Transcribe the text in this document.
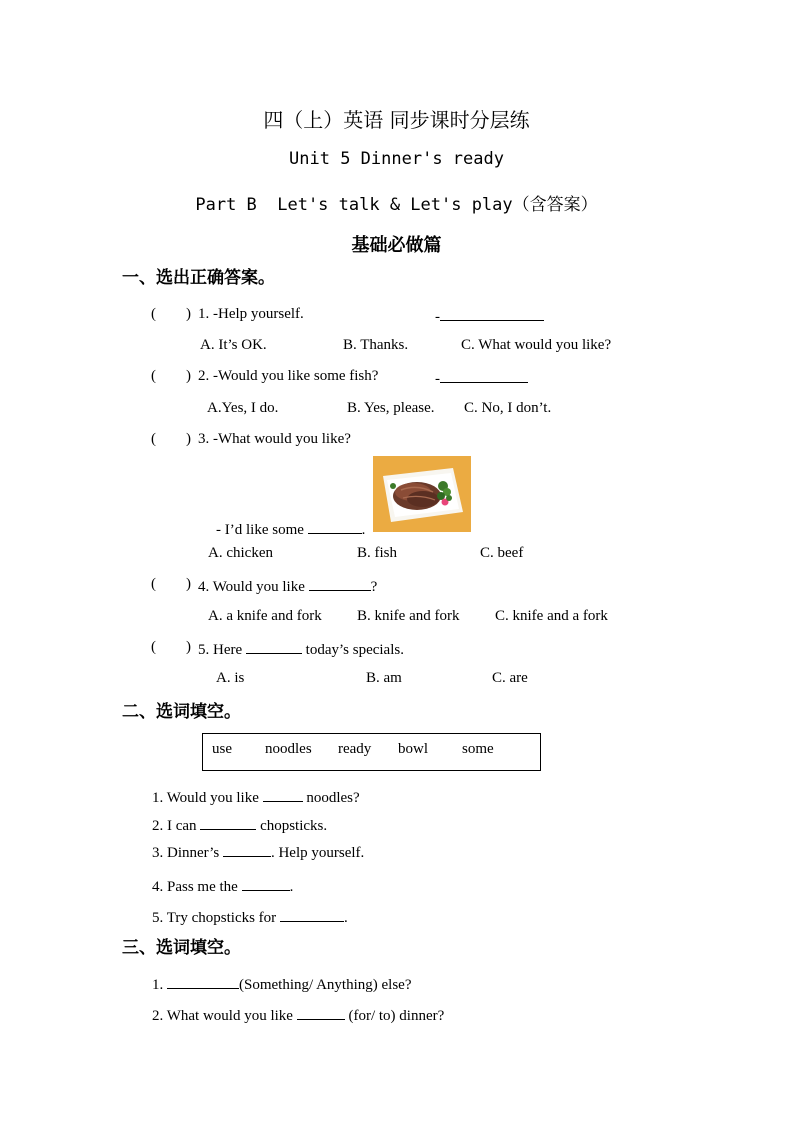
四（上）英语 同步课时分层练
Unit 5 Dinner's ready
Part B  Let's talk & Let's play（含答案）
基础必做篇
一、选出正确答案。
(        ) 1. -Help yourself.	-
A. It’s OK.	B. Thanks.	C. What would you like?
(        ) 2. -Would you like some fish?	-
A.Yes, I do.	B. Yes, please. C. No, I don’t.
(        ) 3. -What would you like?
- I’d like some	.
A. chicken	B. fish	C. beef
(        ) 4. Would you like	?
A. a knife and fork B. knife and fork C. knife and a fork
(        ) 5. Here	today’s specials.
A. is	B. am	C. are
二、选词填空。
use noodles ready bowl some
1. Would you like	noodles?
2. I can	chopsticks.
3. Dinner’s	. Help yourself.
4. Pass me the	.
5. Try chopsticks for	.
三、选词填空。
1.	(Something/ Anything) else?
2. What would you like	(for/ to) dinner?
